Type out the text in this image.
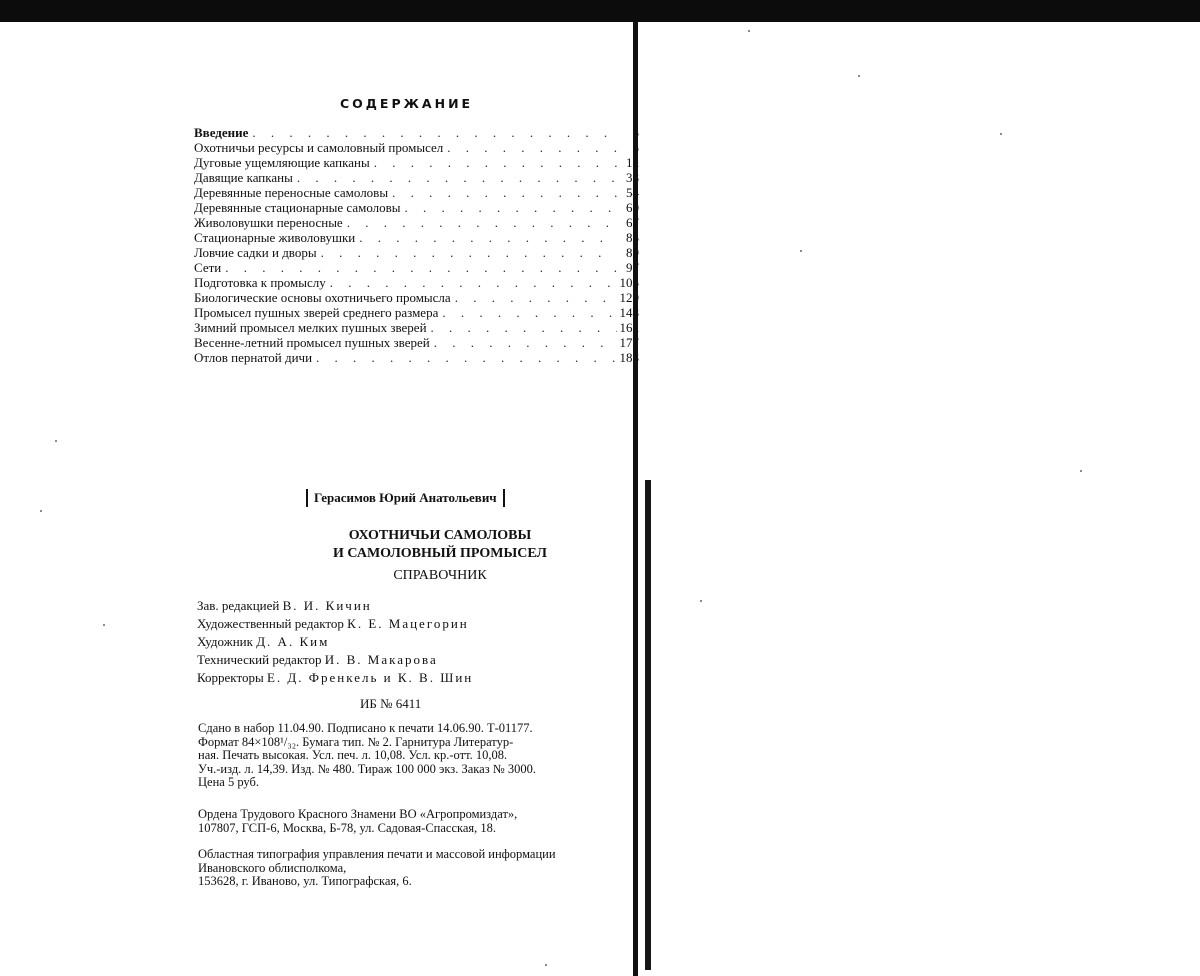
СОДЕРЖАНИЕ
Введение . . .	3
Охотничьи ресурсы и самоловный промысел . . .	5
Дуговые ущемляющие капканы . . .	12
Давящие капканы . . .	38
Деревянные переносные самоловы . . .	54
Деревянные стационарные самоловы . . .	60
Живоловушки переносные . . .	67
Стационарные живоловушки . . .	85
Ловчие садки и дворы . . .	89
Сети . . .	97
Подготовка к промыслу . . .	105
Биологические основы охотничьего промысла . . .	129
Промысел пушных зверей среднего размера . . .	148
Зимний промысел мелких пушных зверей . . .	162
Весенне-летний промысел пушных зверей . . .	177
Отлов пернатой дичи . . .	188
Герасимов Юрий Анатольевич
ОХОТНИЧЬИ САМОЛОВЫ
И САМОЛОВНЫЙ ПРОМЫСЕЛ
СПРАВОЧНИК
Зав. редакцией В. И. Кичин
Художественный редактор К. Е. Мацегорин
Художник Д. А. Ким
Технический редактор И. В. Макарова
Корректоры Е. Д. Френкель и К. В. Шин
ИБ № 6411
Сдано в набор 11.04.90. Подписано к печати 14.06.90. Т-01177.
Формат 84×108¹/₃₂. Бумага тип. № 2. Гарнитура Литератур-
ная. Печать высокая. Усл. печ. л. 10,08. Усл. кр.-отт. 10,08.
Уч.-изд. л. 14,39. Изд. № 480. Тираж 100 000 экз. Заказ № 3000.
Цена 5 руб.
Ордена Трудового Красного Знамени ВО «Агропромиздат»,
107807, ГСП-6, Москва, Б-78, ул. Садовая-Спасская, 18.
Областная типография управления печати и массовой информации
Ивановского облисполкома,
153628, г. Иваново, ул. Типографская, 6.
